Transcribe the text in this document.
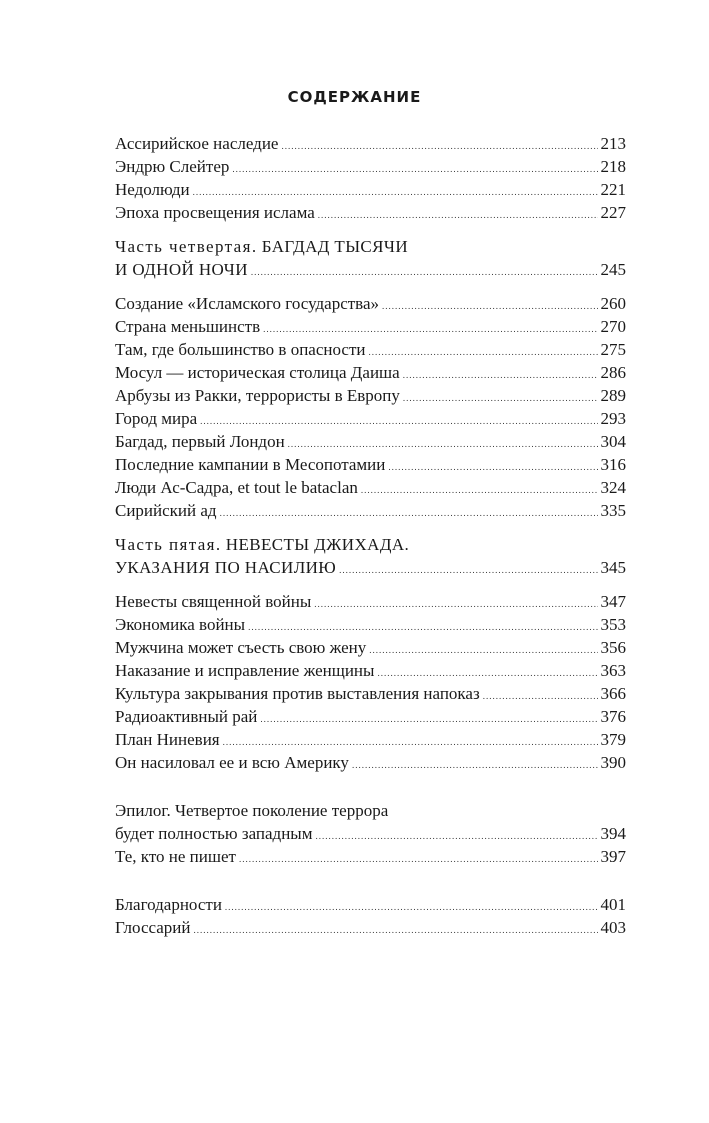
СОДЕРЖАНИЕ
Ассирийское наследие .....	213
Эндрю Слейтер .....	218
Недолюди .....	221
Эпоха просвещения ислама .....	227
Часть четвертая. БАГДАД ТЫСЯЧИ
И ОДНОЙ НОЧИ .....	245
Создание «Исламского государства» .....	260
Страна меньшинств .....	270
Там, где большинство в опасности .....	275
Мосул — историческая столица Даиша .....	286
Арбузы из Ракки, террористы в Европу .....	289
Город мира .....	293
Багдад, первый Лондон .....	304
Последние кампании в Месопотамии .....	316
Люди Ас-Садра, et tout le bataclan .....	324
Сирийский ад .....	335
Часть пятая. НЕВЕСТЫ ДЖИХАДА.
УКАЗАНИЯ ПО НАСИЛИЮ .....	345
Невесты священной войны .....	347
Экономика войны .....	353
Мужчина может съесть свою жену .....	356
Наказание и исправление женщины .....	363
Культура закрывания против выставления напоказ .....	366
Радиоактивный рай .....	376
План Ниневия .....	379
Он насиловал ее и всю Америку .....	390
Эпилог. Четвертое поколение террора
будет полностью западным .....	394
Те, кто не пишет .....	397
Благодарности .....	401
Глоссарий .....	403
